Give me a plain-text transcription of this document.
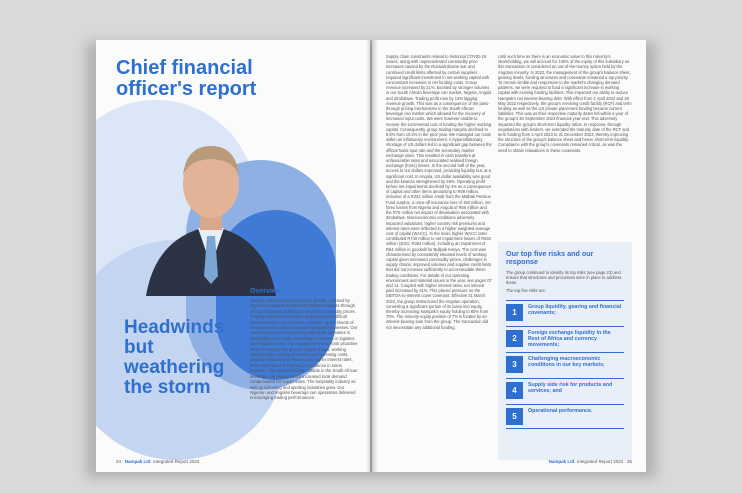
Chief financial officer's report
Headwinds but weathering the storm
Overview
Nampak delivered strong revenue growth, assisted by improved volumes in selected markets and pass-through pricing mechanisms linked to elevated commodity prices. Trading conditions remained challenging in a difficult macroeconomic environment. However, green shoots of recovery were evident in certain Nampak businesses. Our cash of sales was impacted by significant increases in commodity prices with concomitant increases in logistics and shipping costs. The management team took proactive steps to manage the group's supply chains, working capital levels, funding structures and operating costs. Despite inflationary pressures and higher interest rates, there were signs of improving confidence in some markets. This was particularly notable in the South African beverage can market which increased local demand compensated for export sales. The hospitality industry as well as schooling and sporting industries grew. Our Nigerian and Angolan beverage can operations delivered encouraging trading performances.
34 Nampak Ltd Integrated Report 2022
Supply chain constraints related to historical COVID-19 issues, along with unprecedented commodity price increases caused by the Russia/Ukraine war and continued credit limits affected by certain suppliers required significant investment in net working capital with concomitant increases in net funding costs. Group revenue increased by 21%, boosted by stronger volumes in our South African beverage can market, Nigeria, Angola and Zimbabwe. Trading profit rose by 13% lagging revenue growth. This was as a consequence of the pass-through pricing mechanisms in the South African beverage can market which allowed for the recovery of increased input costs. We were however unable to recover the incremental cost of funding the higher working capital. Consequently, group trading margins declined to 8.9% from 10.2% in the prior year. We managed our costs within an inflationary environment. A hyperinflationary shortage of US dollars led to a significant gap between the official Naira spot rate and the secondary market exchange rates. This resulted in cash transfers at unfavourable rates and associated realised foreign exchange (forex) losses. In the second half of the year, access to US dollars improved, providing liquidity but, at a significant cost. In Angola, US dollar availability was good and the kwanza strengthened by 39%. Operating profit before net impairments declined by 4% as a consequence of capital and other items amounting to R09 million, inclusive of a R222 million credit from the Malbak Pension Fund surplus, a once-off insurance loss of 150 million, net forex losses from Nigeria and Angola of R56 million and the R70 million net impact of devaluation associated with Zimbabwe. Macroeconomic conditions adversely impacted valuations; higher country risk premiums and interest rates were reflected in a higher weighted average cost of capital (WACC). In the main, higher WACC rates contributed R740 million to net impairment losses of R632 million (2021: R394 million), including an impairment of R64 million in goodwill for Bullpak Kenya. The cost was characterised by consistently elevated levels of working capital given increased commodity prices, challenges in supply chains, improved volumes and supplier credit limits that did not increase sufficiently to accommodate these trading conditions. For details of our operating environment and material issues in the year, see pages 07 and 14. Coupled with higher interest rates, net interest paid increased by 21%. This placed pressure on the EBITDA-to-interest cover covenant. Effective 31 March 2022, the group restructured the Angolan operation, converting a significant portion of its loans into equity, thereby increasing Nampak's equity holding to 80% from 70%. The minority equity position of 7% is funded by an interest-bearing loan from the group. The transaction did not necessitate any additional funding.
Until such time as there is an economic value to this minority's shareholding, we will account for 100% of the equity of this subsidiary as this transaction is considered an out-of-the-money option held by the Angolan minority. In 2022, the management of the group's balance sheet, gearing levels, funding structures and covenants remained a top priority. To remain nimble and responsive to the market's changing demand patterns, we were required to fund a significant increase in working capital with existing funding facilities. This impacted our ability to reduce Nampak's net interest-bearing debt. With effect from 1 April 2022 and 28 May 2022 respectively, the group's revolving credit facility (RCF) and term funding as well as the US private placement funding became current liabilities. This was as their respective maturity dates fell within a year of the group's 30 September 2022 financial year-end. This adversely impacted the group's short-term liquidity ratios. In response, through negotiations with lenders, we extended the maturity date of the RCF and term funding from 1 April 2023 to 31 December 2023, thereby improving the structure of the group's balance sheet and hence short-term liquidity. Compliance with the group's covenants remained critical, as was the need to obtain relaxations in these covenants.
Our top five risks and our response
The group continued to identify its top risks (see page 23) and ensure that structures and processes were in place to address these.
The top five risks are:
1
Group liquidity, gearing and financial covenants;
2
Foreign exchange liquidity in the Rest of Africa and currency movements;
3
Challenging macroeconomic conditions in our key markets;
4
Supply side risk for products and services; and
5
Operational performance.
Nampak Ltd Integrated Report 2022 35
